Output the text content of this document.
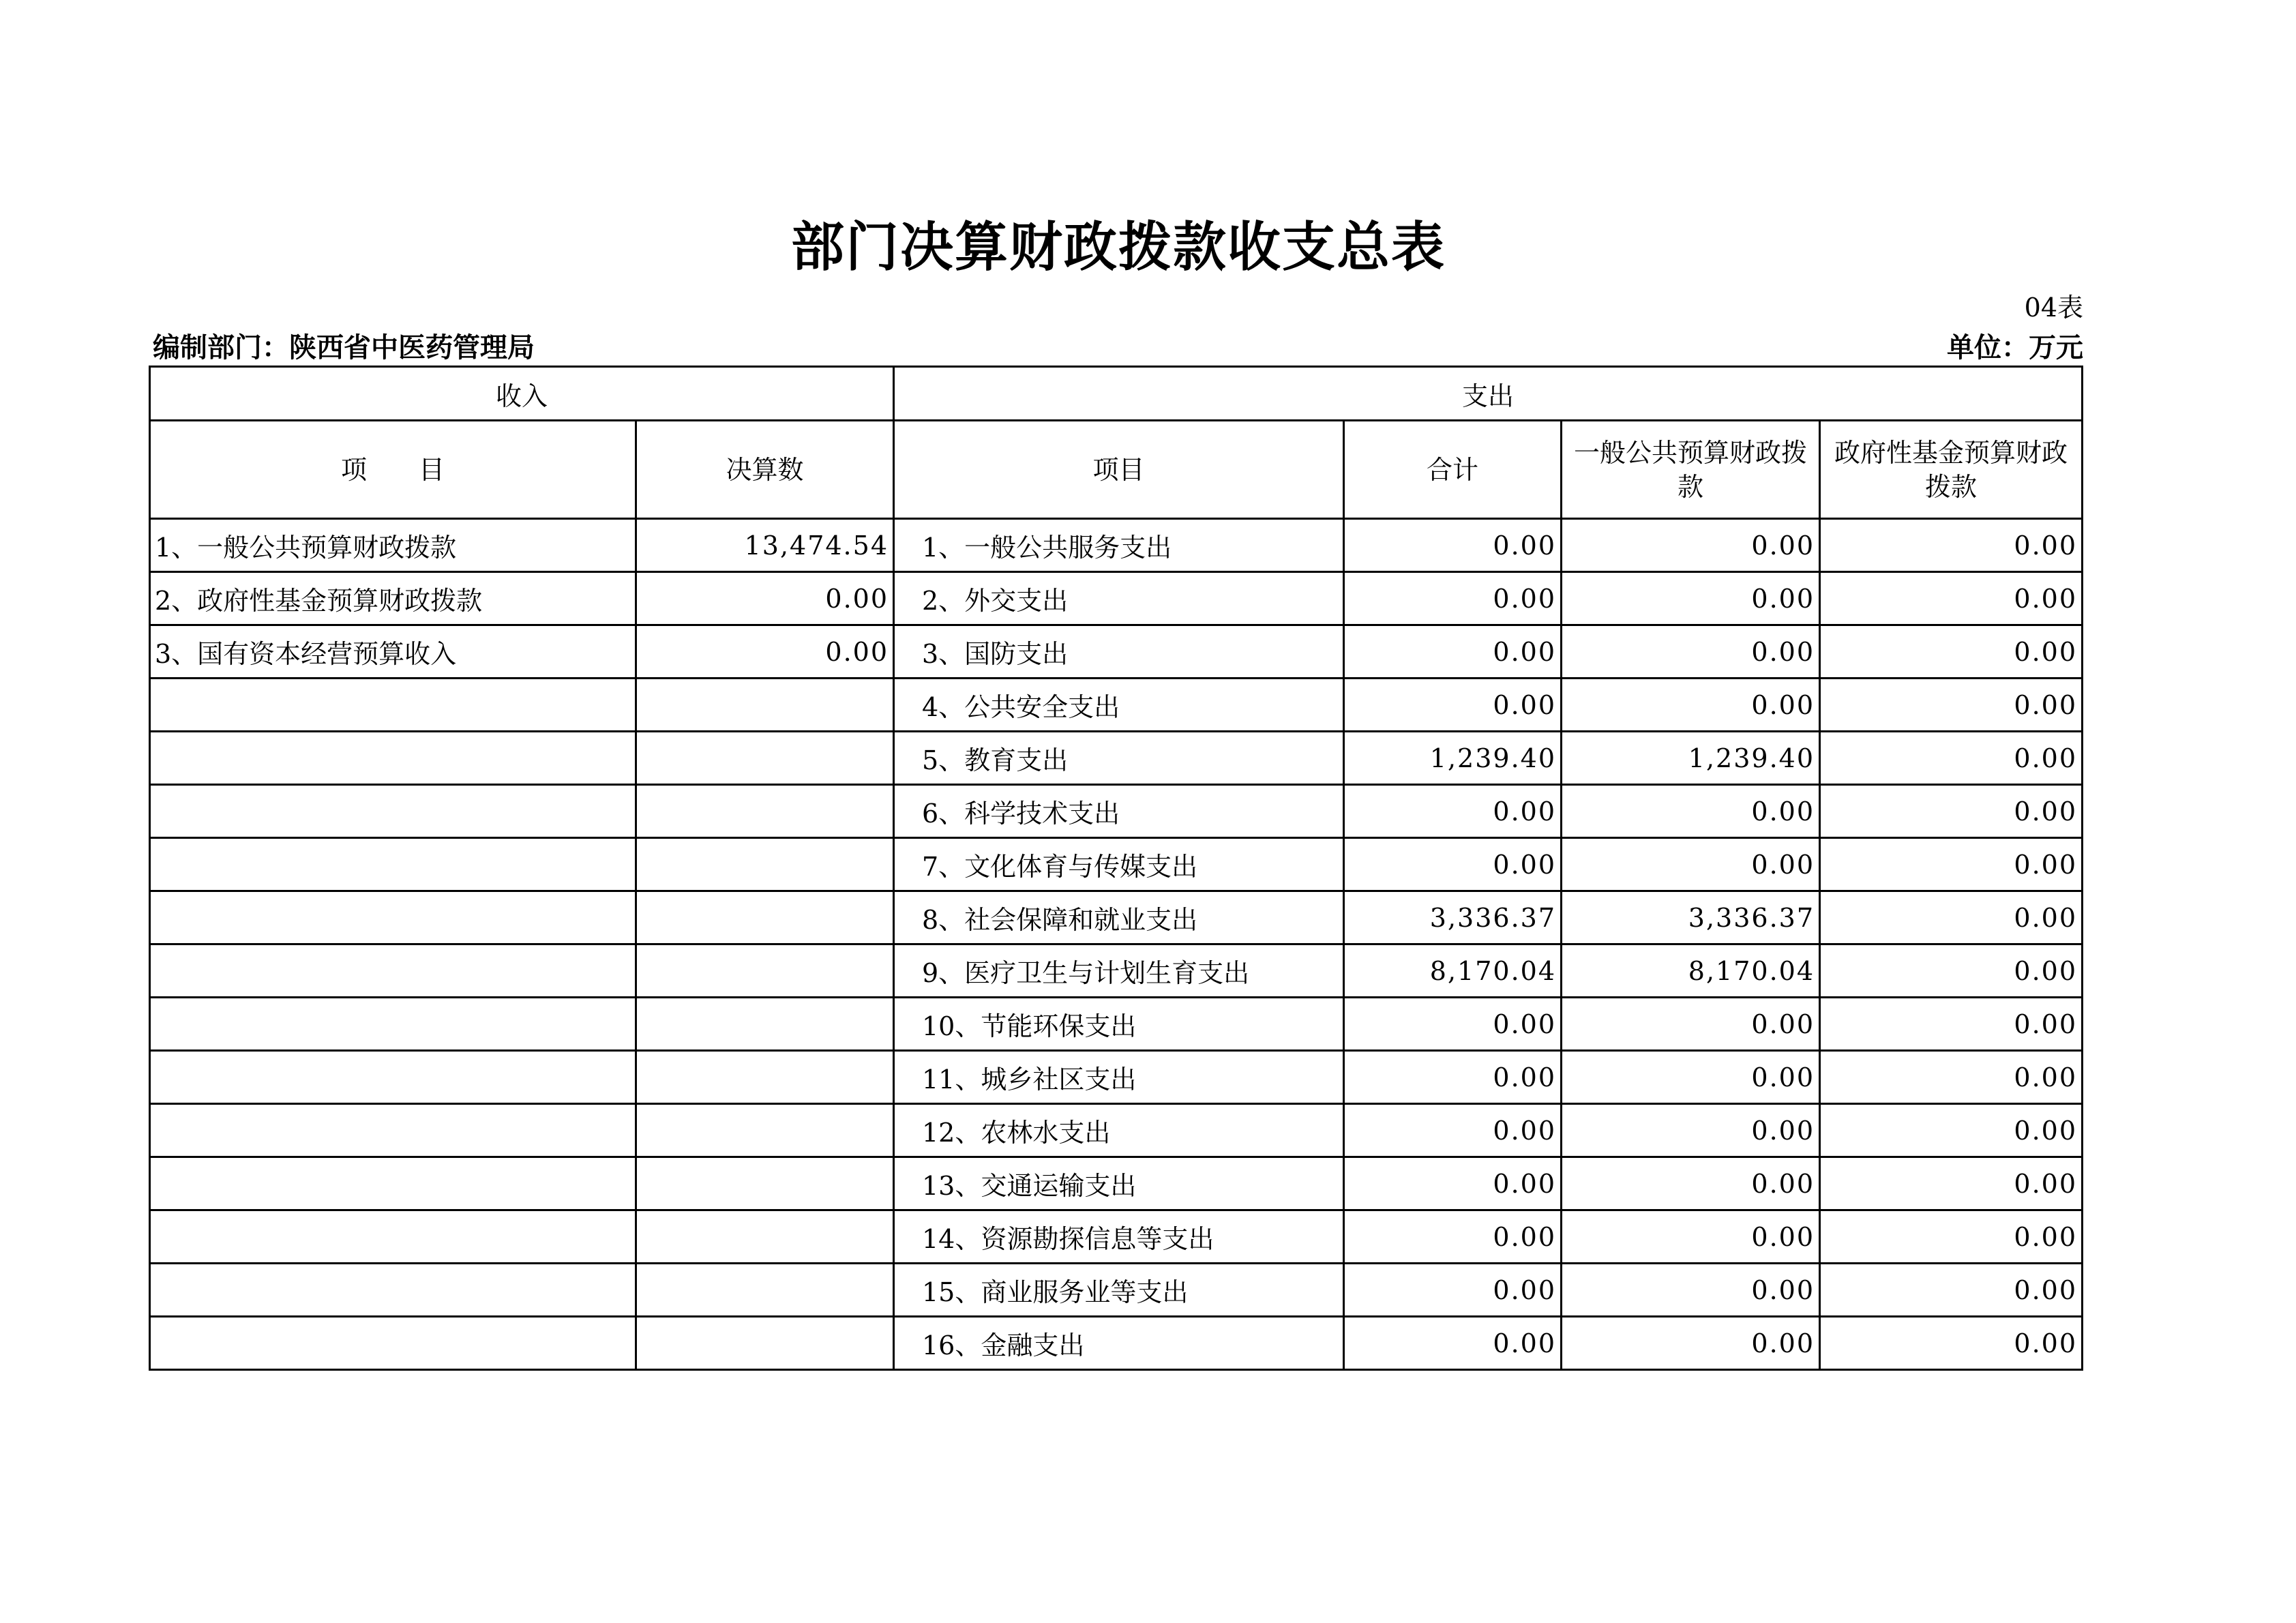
部门决算财政拨款收支总表
04表
编制部门：陕西省中医药管理局	单位：万元
收入		支出			
项　　目	决算数	项目	合计	一般公共预算财政拨款	政府性基金预算财政拨款
1、一般公共预算财政拨款	13,474.54	1、一般公共服务支出	0.00	0.00	0.00
2、政府性基金预算财政拨款	0.00	2、外交支出	0.00	0.00	0.00
3、国有资本经营预算收入	0.00	3、国防支出	0.00	0.00	0.00
		4、公共安全支出	0.00	0.00	0.00
		5、教育支出	1,239.40	1,239.40	0.00
		6、科学技术支出	0.00	0.00	0.00
		7、文化体育与传媒支出	0.00	0.00	0.00
		8、社会保障和就业支出	3,336.37	3,336.37	0.00
		9、医疗卫生与计划生育支出	8,170.04	8,170.04	0.00
		10、节能环保支出	0.00	0.00	0.00
		11、城乡社区支出	0.00	0.00	0.00
		12、农林水支出	0.00	0.00	0.00
		13、交通运输支出	0.00	0.00	0.00
		14、资源勘探信息等支出	0.00	0.00	0.00
		15、商业服务业等支出	0.00	0.00	0.00
		16、金融支出	0.00	0.00	0.00
